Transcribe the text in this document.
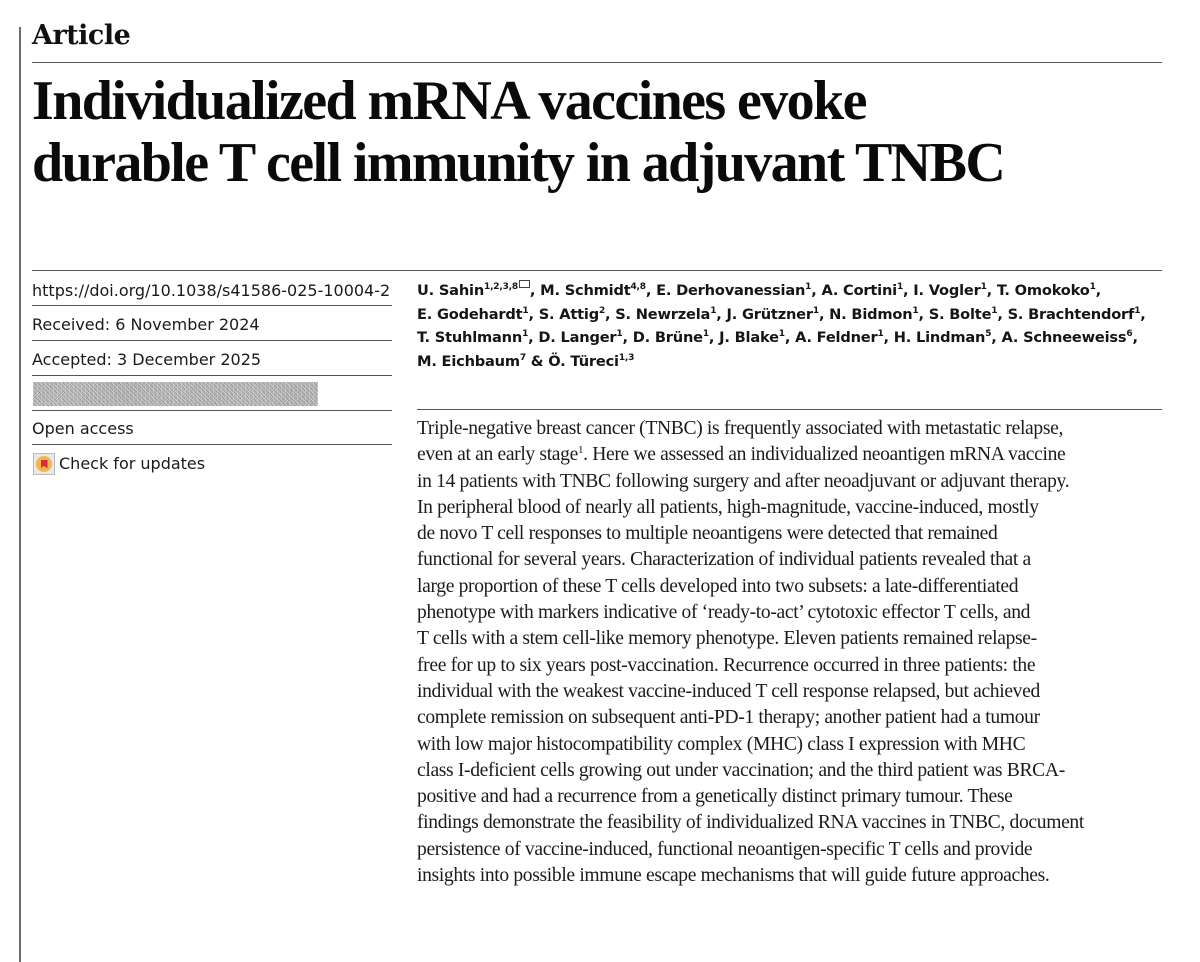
Article
Individualized mRNA vaccines evoke
durable T cell immunity in adjuvant TNBC
https://doi.org/10.1038/s41586-025-10004-2
Received: 6 November 2024
Accepted: 3 December 2025
Open access
Check for updates
U. Sahin$^{1,2,3,8}$ , M. Schmidt$^{4,8}$, E. Derhovanessian$^1$, A. Cortini$^1$, I. Vogler$^1$, T. Omokoko$^1$,
E. Godehardt$^1$, S. Attig$^2$, S. Newrzela$^1$, J. Grützner$^1$, N. Bidmon$^1$, S. Bolte$^1$, S. Brachtendorf$^1$,
T. Stuhlmann$^1$, D. Langer$^1$, D. Brüne$^1$, J. Blake$^1$, A. Feldner$^1$, H. Lindman$^5$, A. Schneeweiss$^6$,
M. Eichbaum$^7$ & Ö. Türeci$^{1,3}$
Triple-negative breast cancer (TNBC) is frequently associated with metastatic relapse,
even at an early stage$^1$. Here we assessed an individualized neoantigen mRNA vaccine
in 14 patients with TNBC following surgery and after neoadjuvant or adjuvant therapy.
In peripheral blood of nearly all patients, high-magnitude, vaccine-induced, mostly
de novo T cell responses to multiple neoantigens were detected that remained
functional for several years. Characterization of individual patients revealed that a
large proportion of these T cells developed into two subsets: a late-differentiated
phenotype with markers indicative of ‘ready-to-act’ cytotoxic effector T cells, and
T cells with a stem cell-like memory phenotype. Eleven patients remained relapse-
free for up to six years post-vaccination. Recurrence occurred in three patients: the
individual with the weakest vaccine-induced T cell response relapsed, but achieved
complete remission on subsequent anti-PD-1 therapy; another patient had a tumour
with low major histocompatibility complex (MHC) class I expression with MHC
class I-deficient cells growing out under vaccination; and the third patient was BRCA-
positive and had a recurrence from a genetically distinct primary tumour. These
findings demonstrate the feasibility of individualized RNA vaccines in TNBC, document
persistence of vaccine-induced, functional neoantigen-specific T cells and provide
insights into possible immune escape mechanisms that will guide future approaches.
